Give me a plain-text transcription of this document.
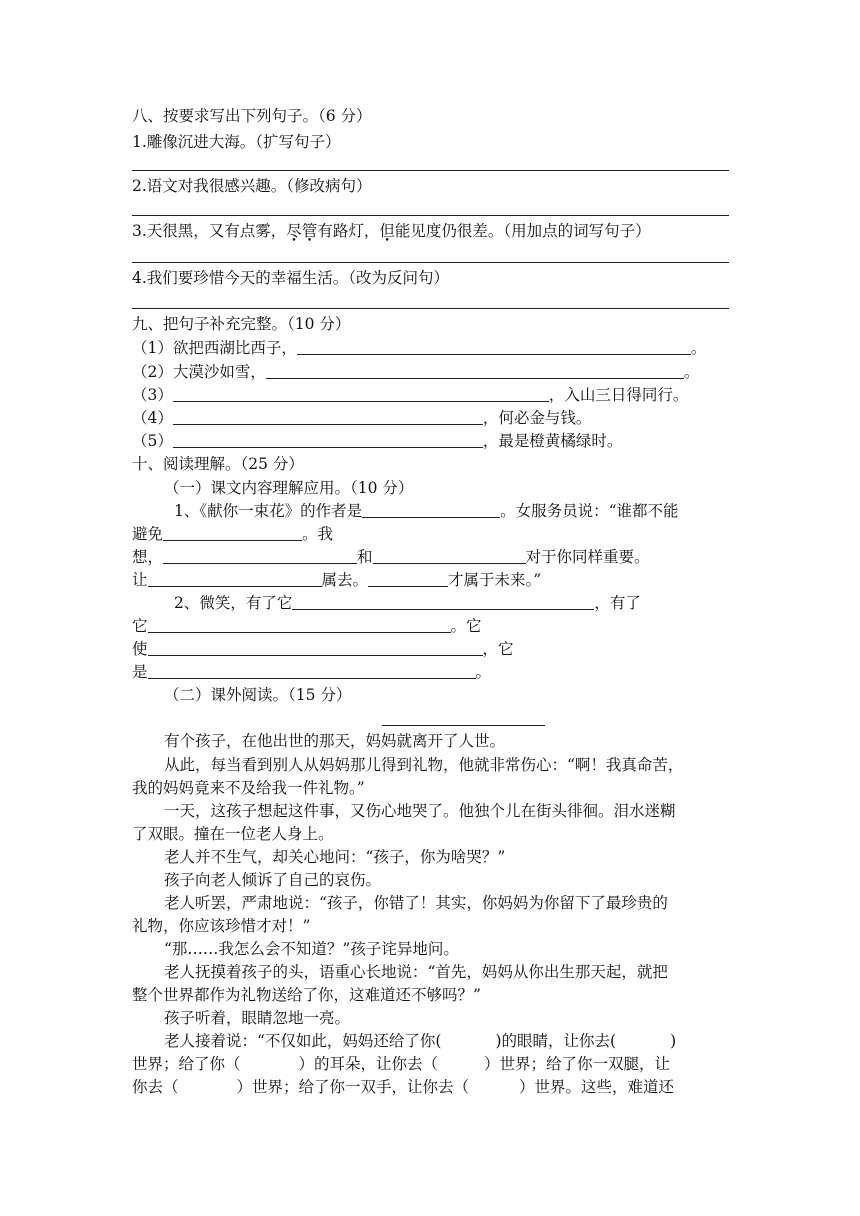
八、按要求写出下列句子。（6 分）
1.雕像沉进大海。（扩写句子）
2.语文对我很感兴趣。（修改病句）
3.天很黑，又有点雾，尽管有路灯，但能见度仍很差。（用加点的词写句子）
4.我们要珍惜今天的幸福生活。（改为反问句）
九、把句子补充完整。（10 分）
（1）欲把西湖比西子，	。
（2）大漠沙如雪，	。
（3）	，入山三日得同行。
（4）	，何必金与钱。
（5）	，最是橙黄橘绿时。
十、阅读理解。（25 分）
（一）课文内容理解应用。（10 分）
1、《献你一束花》的作者是	。女服务员说：“谁都不能
避免	。我
想，	和	对于你同样重要。
让	属去。	才属于未来。”
2、微笑，有了它	，有了
它	。它
使	，它
是	。
（二）课外阅读。（15 分）
有个孩子，在他出世的那天，妈妈就离开了人世。
从此，每当看到别人从妈妈那儿得到礼物，他就非常伤心：“啊！我真命苦，
我的妈妈竟来不及给我一件礼物。”
一天，这孩子想起这件事，又伤心地哭了。他独个儿在街头徘徊。泪水迷糊
了双眼。撞在一位老人身上。
老人并不生气，却关心地问：“孩子，你为啥哭？”
孩子向老人倾诉了自己的哀伤。
老人听罢，严肃地说：“孩子，你错了！其实，你妈妈为你留下了最珍贵的
礼物，你应该珍惜才对！”
“那……我怎么会不知道？”孩子诧异地问。
老人抚摸着孩子的头，语重心长地说：“首先，妈妈从你出生那天起，就把
整个世界都作为礼物送给了你，这难道还不够吗？”
孩子听着，眼睛忽地一亮。
老人接着说：“不仅如此，妈妈还给了你(	)的眼睛，让你去(	)
世界；给了你（	）的耳朵，让你去（	）世界；给了你一双腿，让
你去（	）世界；给了你一双手，让你去（	）世界。这些，难道还
